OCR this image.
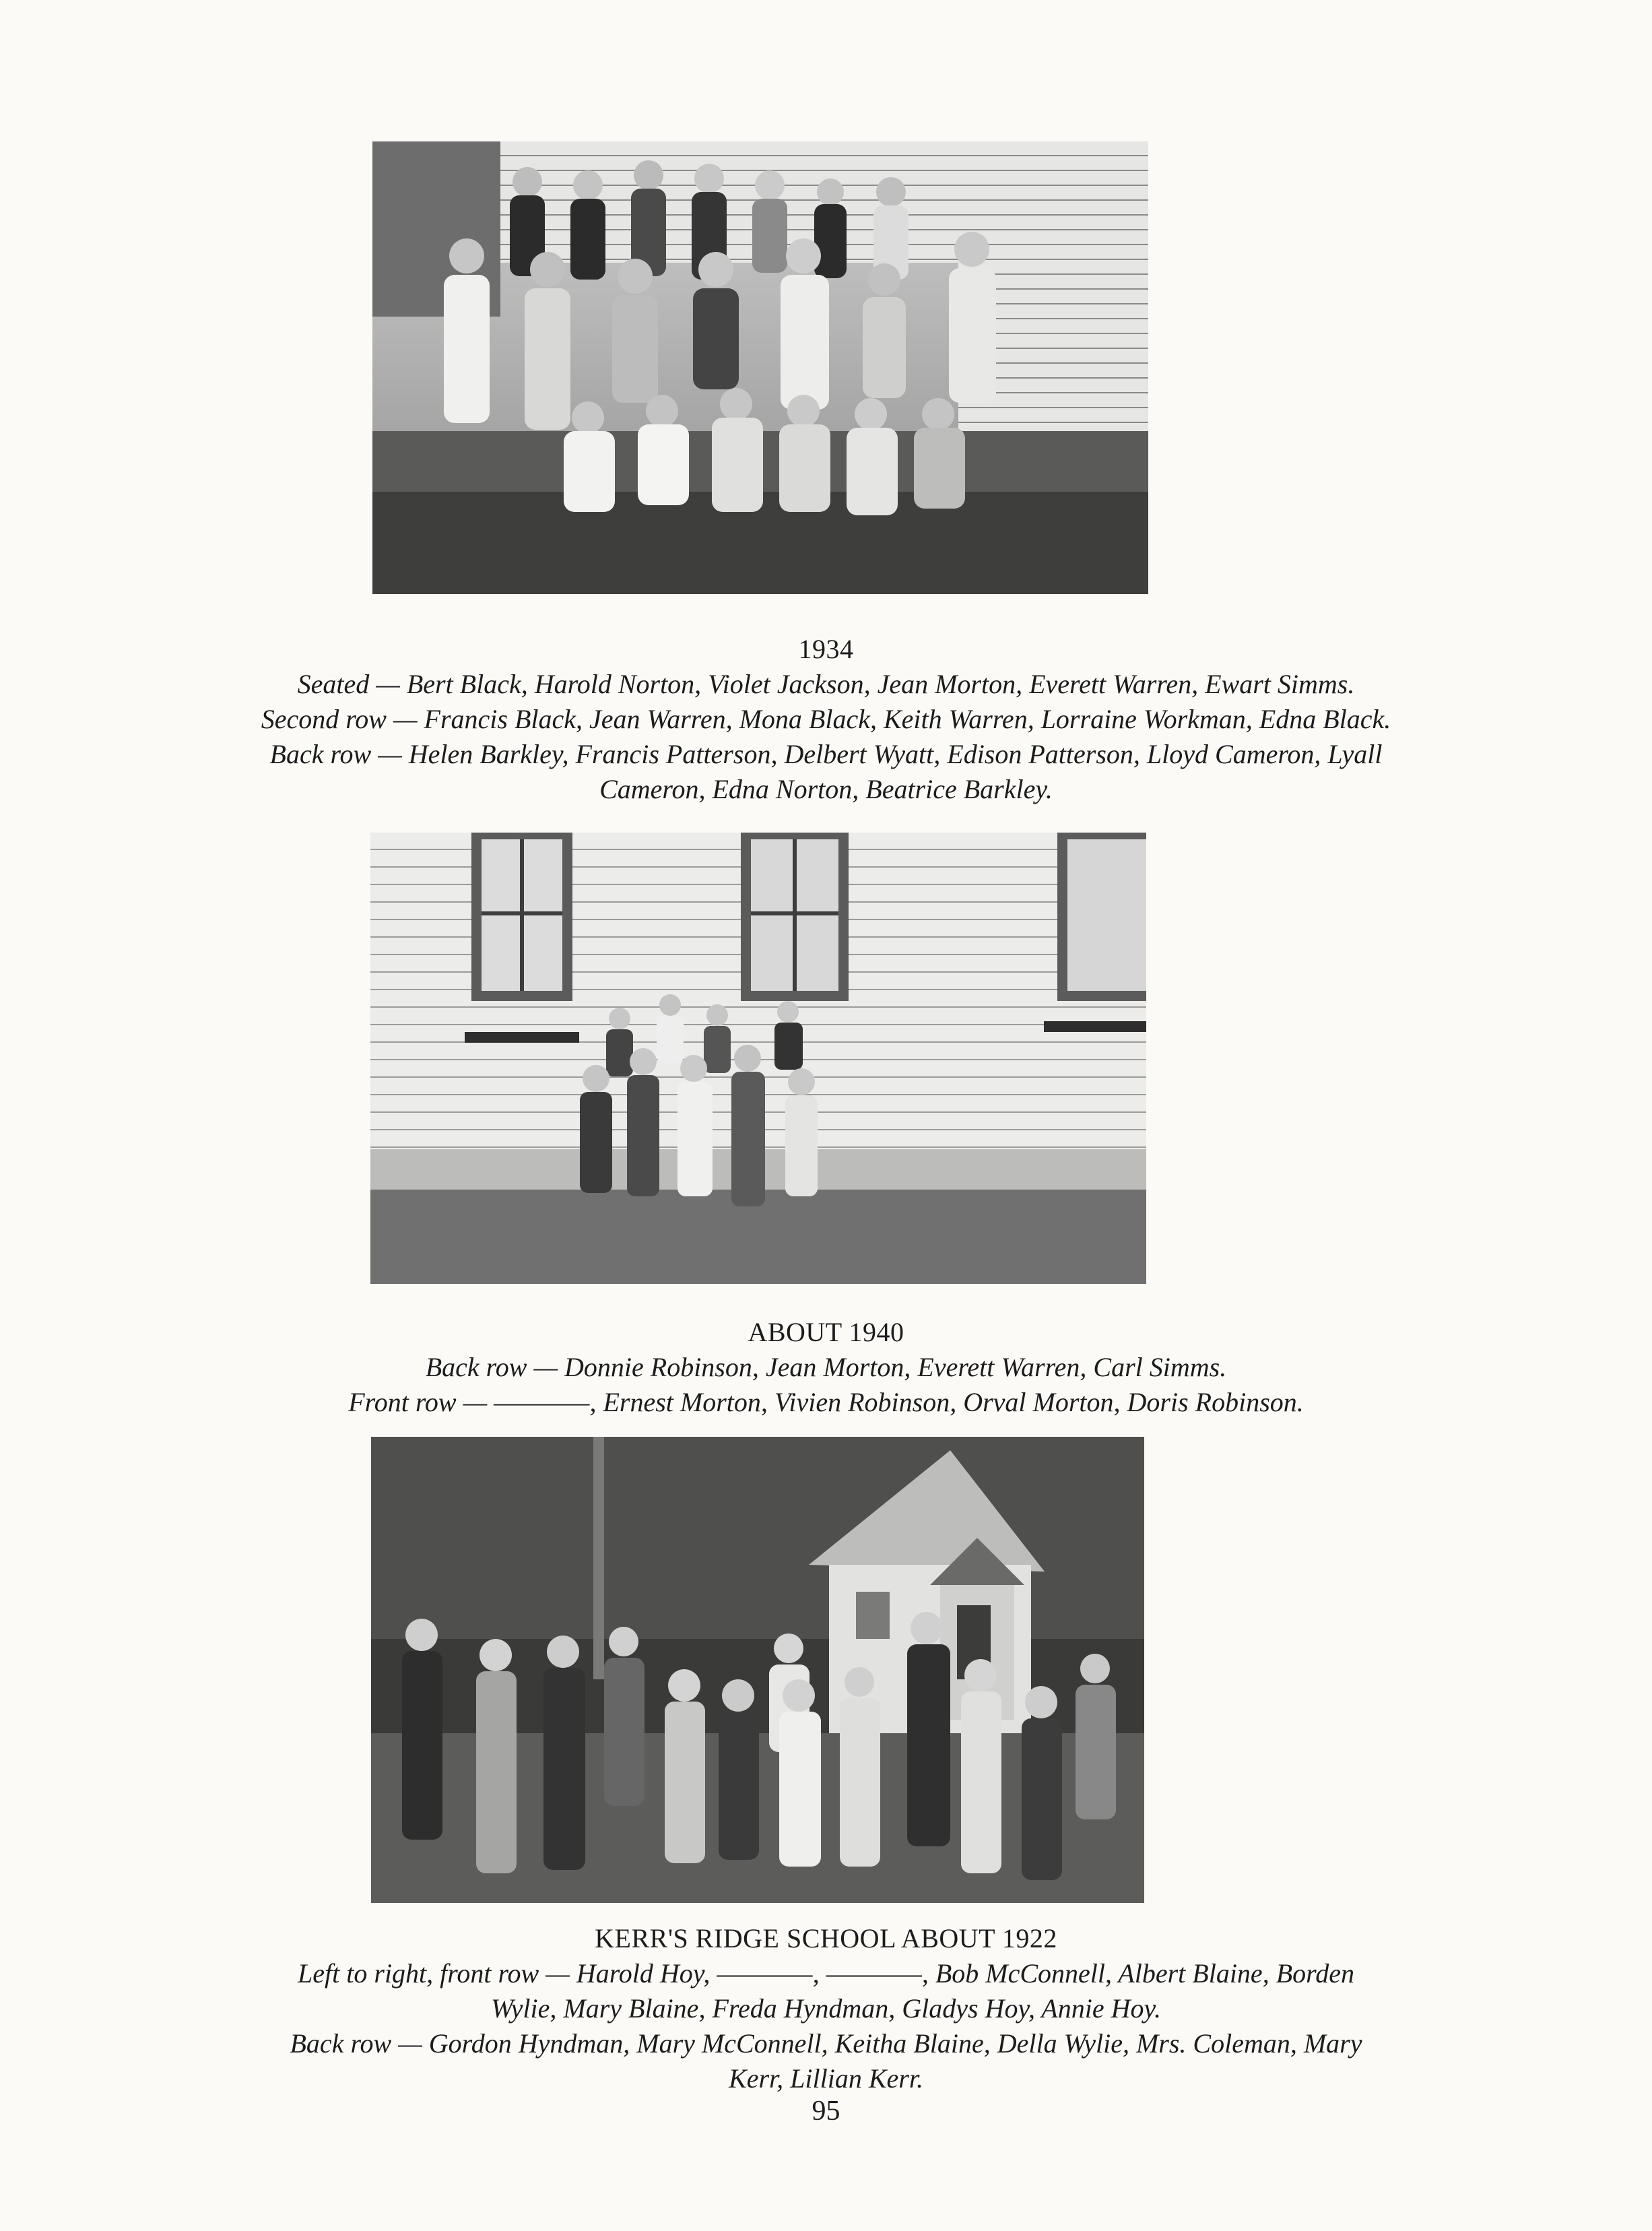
1934
Seated — Bert Black, Harold Norton, Violet Jackson, Jean Morton, Everett Warren, Ewart Simms.
Second row — Francis Black, Jean Warren, Mona Black, Keith Warren, Lorraine Workman, Edna Black.
Back row — Helen Barkley, Francis Patterson, Delbert Wyatt, Edison Patterson, Lloyd Cameron, Lyall
Cameron, Edna Norton, Beatrice Barkley.
ABOUT 1940
Back row — Donnie Robinson, Jean Morton, Everett Warren, Carl Simms.
Front row — ————, Ernest Morton, Vivien Robinson, Orval Morton, Doris Robinson.
KERR'S RIDGE SCHOOL ABOUT 1922
Left to right, front row — Harold Hoy, ————, ————, Bob McConnell, Albert Blaine, Borden
Wylie, Mary Blaine, Freda Hyndman, Gladys Hoy, Annie Hoy.
Back row — Gordon Hyndman, Mary McConnell, Keitha Blaine, Della Wylie, Mrs. Coleman, Mary
Kerr, Lillian Kerr.
95
